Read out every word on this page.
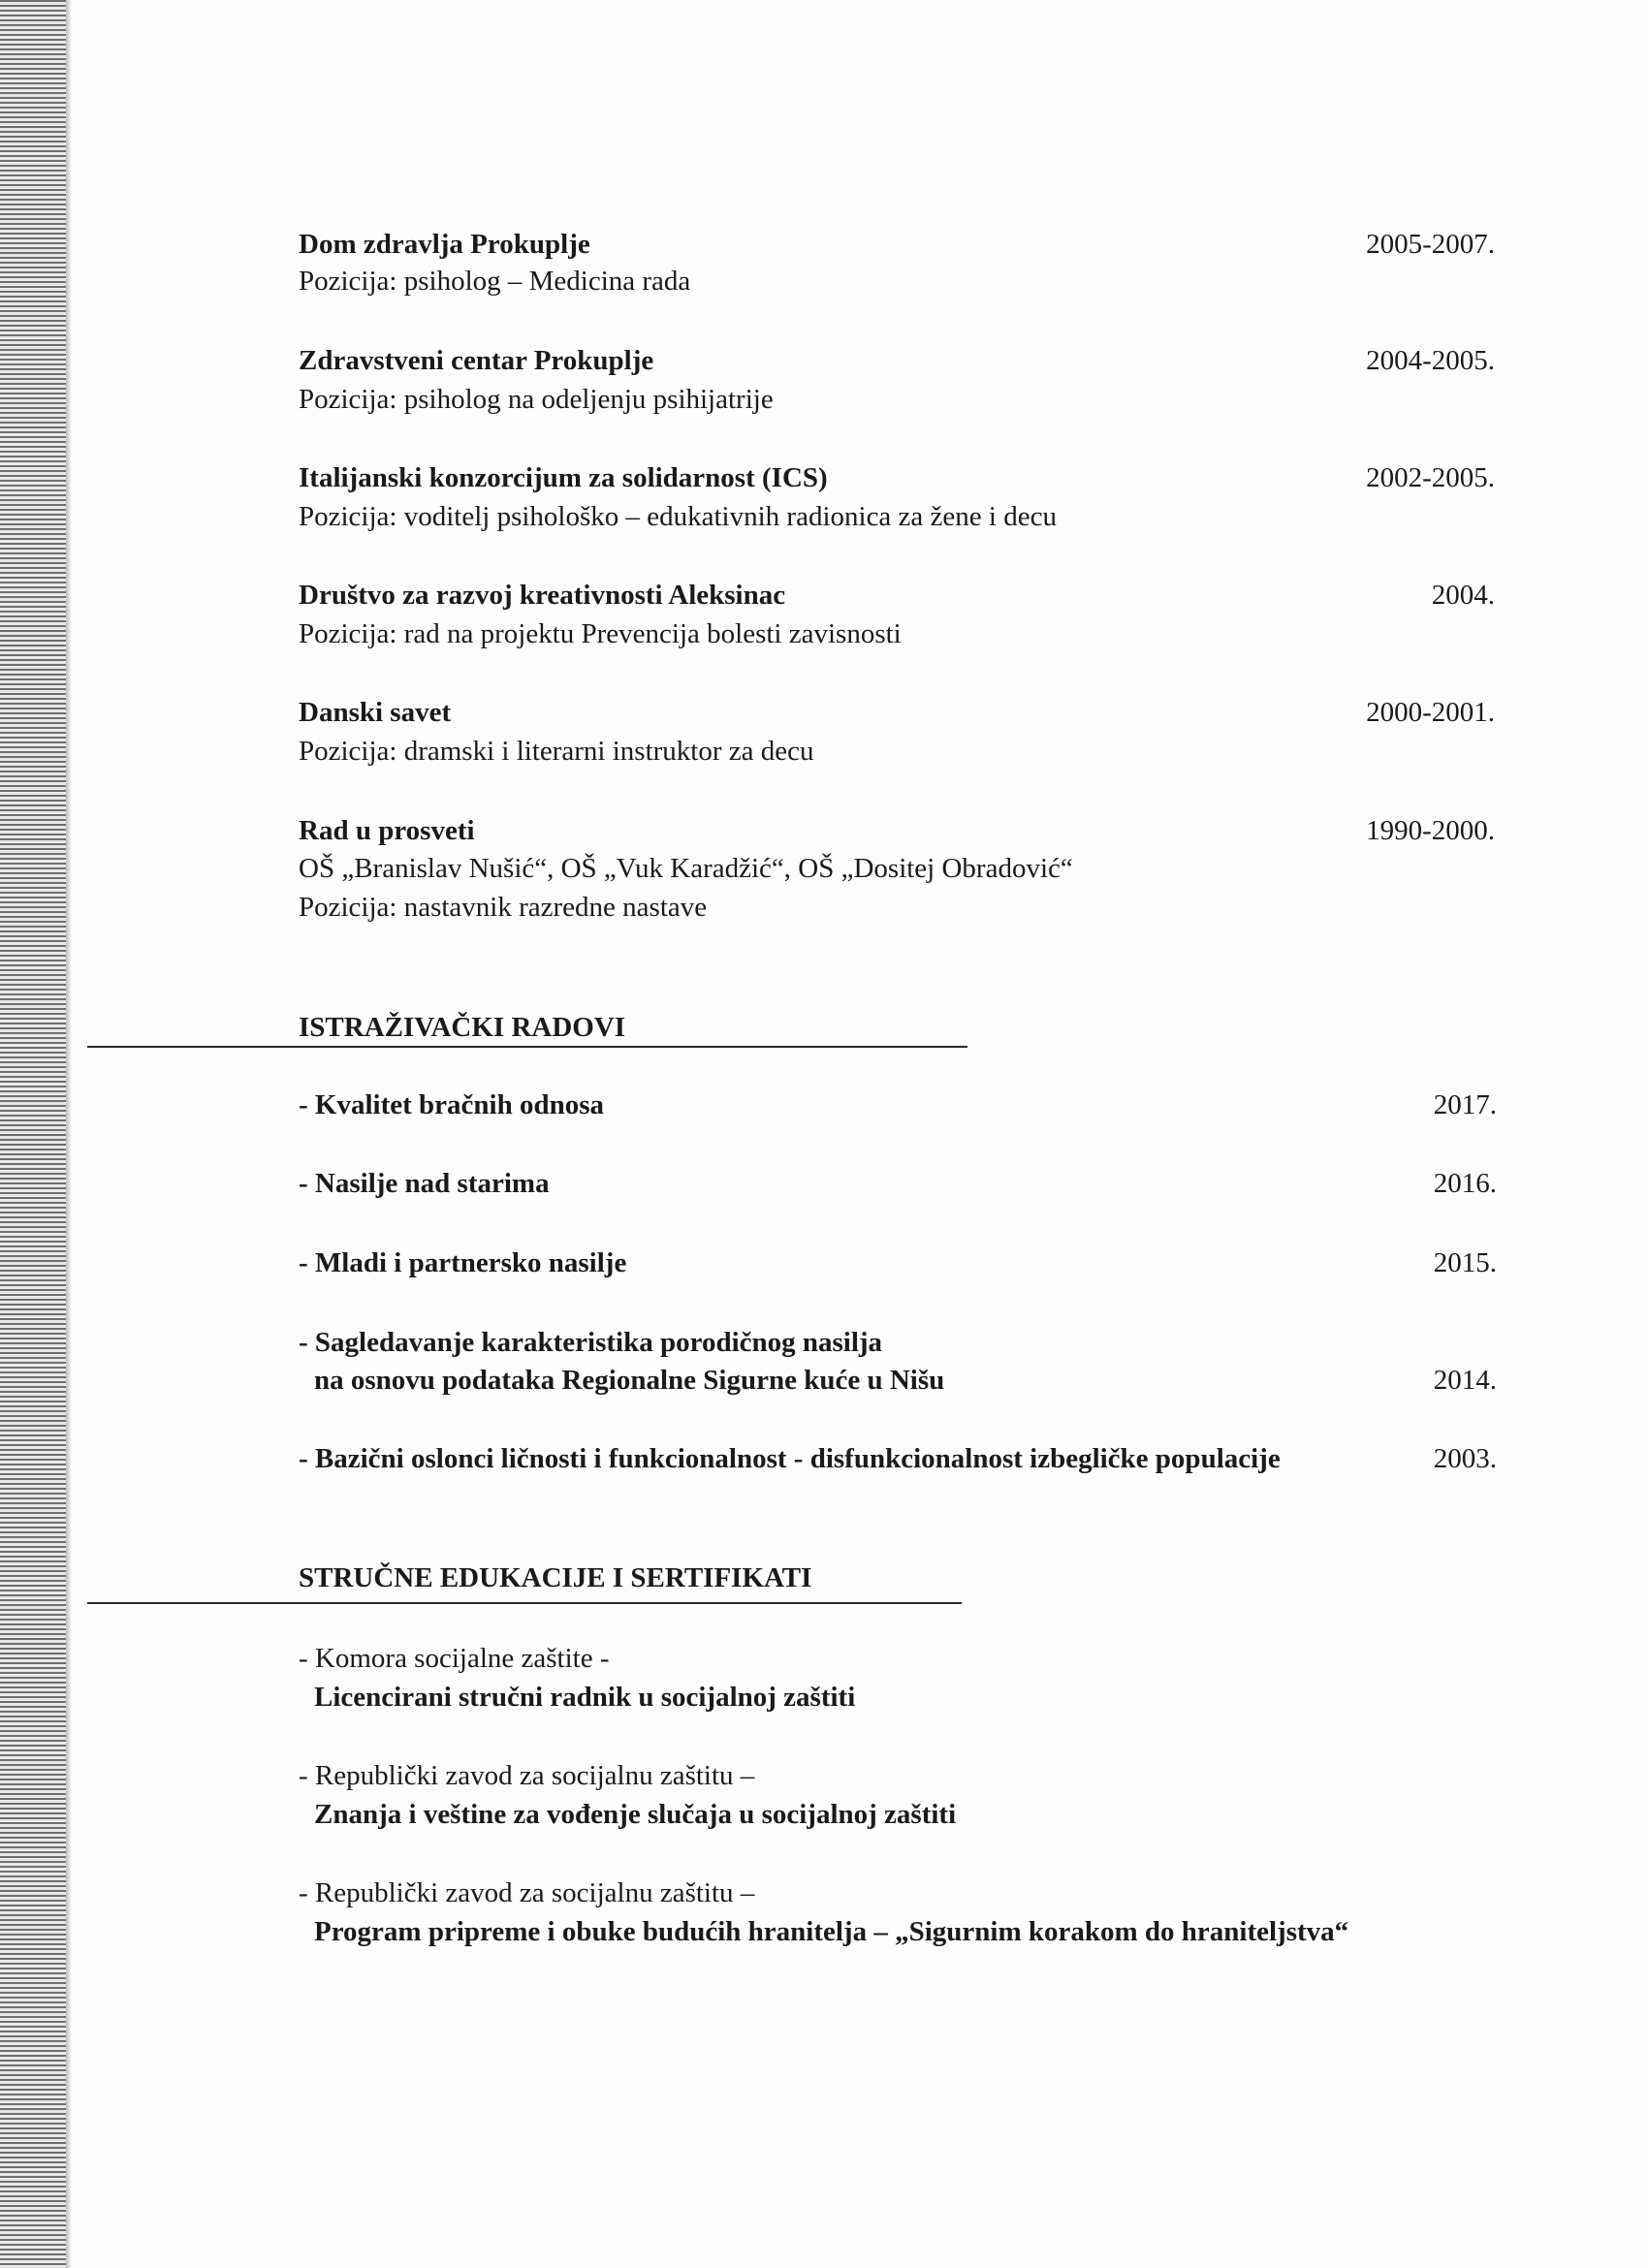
Dom zdravlja Prokuplje	2005-2007.
Pozicija: psiholog – Medicina rada
Zdravstveni centar Prokuplje	2004-2005.
Pozicija: psiholog na odeljenju psihijatrije
Italijanski konzorcijum za solidarnost (ICS)	2002-2005.
Pozicija: voditelj psihološko – edukativnih radionica za žene i decu
Društvo za razvoj kreativnosti Aleksinac	2004.
Pozicija: rad na projektu Prevencija bolesti zavisnosti
Danski savet	2000-2001.
Pozicija: dramski i literarni instruktor za decu
Rad u prosveti	1990-2000.
OŠ „Branislav Nušić“, OŠ „Vuk Karadžić“, OŠ „Dositej Obradović“
Pozicija: nastavnik razredne nastave
ISTRAŽIVAČKI RADOVI
- Kvalitet bračnih odnosa	2017.
- Nasilje nad starima	2016.
- Mladi i partnersko nasilje	2015.
- Sagledavanje karakteristika porodičnog nasilja
na osnovu podataka Regionalne Sigurne kuće u Nišu	2014.
- Bazični oslonci ličnosti i funkcionalnost - disfunkcionalnost izbegličke populacije	2003.
STRUČNE EDUKACIJE I SERTIFIKATI
- Komora socijalne zaštite -
Licencirani stručni radnik u socijalnoj zaštiti
- Republički zavod za socijalnu zaštitu –
Znanja i veštine za vođenje slučaja u socijalnoj zaštiti
- Republički zavod za socijalnu zaštitu –
Program pripreme i obuke budućih hranitelja – „Sigurnim korakom do hraniteljstva“
